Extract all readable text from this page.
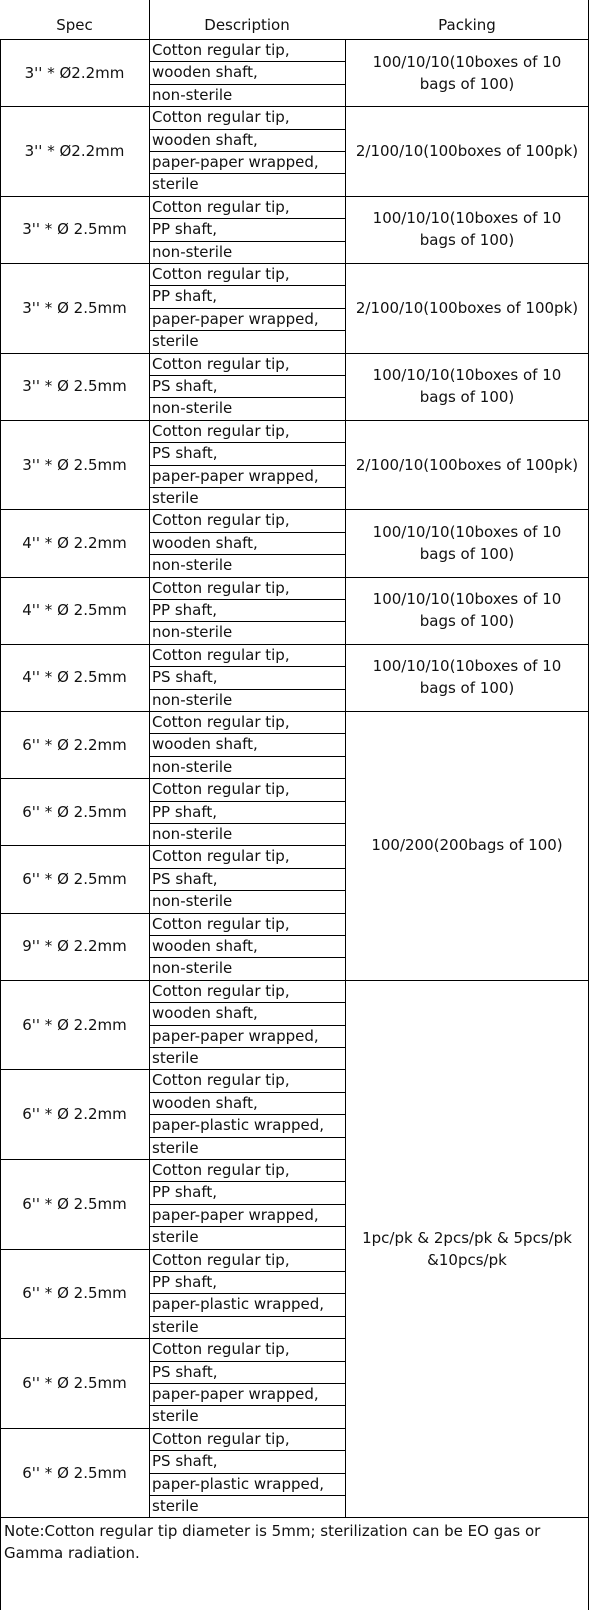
Spec	Description	Packing
3'' * Ø2.2mm
Cotton regular tip,
wooden shaft,
non-sterile
3'' * Ø2.2mm
Cotton regular tip,
wooden shaft,
paper-paper wrapped,
sterile
3'' * Ø 2.5mm
Cotton regular tip,
PP shaft,
non-sterile
3'' * Ø 2.5mm
Cotton regular tip,
PP shaft,
paper-paper wrapped,
sterile
3'' * Ø 2.5mm
Cotton regular tip,
PS shaft,
non-sterile
3'' * Ø 2.5mm
Cotton regular tip,
PS shaft,
paper-paper wrapped,
sterile
4'' * Ø 2.2mm
Cotton regular tip,
wooden shaft,
non-sterile
4'' * Ø 2.5mm
Cotton regular tip,
PP shaft,
non-sterile
4'' * Ø 2.5mm
Cotton regular tip,
PS shaft,
non-sterile
6'' * Ø 2.2mm
Cotton regular tip,
wooden shaft,
non-sterile
6'' * Ø 2.5mm
Cotton regular tip,
PP shaft,
non-sterile
6'' * Ø 2.5mm
Cotton regular tip,
PS shaft,
non-sterile
9'' * Ø 2.2mm
Cotton regular tip,
wooden shaft,
non-sterile
6'' * Ø 2.2mm
Cotton regular tip,
wooden shaft,
paper-paper wrapped,
sterile
6'' * Ø 2.2mm
Cotton regular tip,
wooden shaft,
paper-plastic wrapped,
sterile
6'' * Ø 2.5mm
Cotton regular tip,
PP shaft,
paper-paper wrapped,
sterile
6'' * Ø 2.5mm
Cotton regular tip,
PP shaft,
paper-plastic wrapped,
sterile
6'' * Ø 2.5mm
Cotton regular tip,
PS shaft,
paper-paper wrapped,
sterile
6'' * Ø 2.5mm
Cotton regular tip,
PS shaft,
paper-plastic wrapped,
sterile
100/10/10(10boxes of 10 bags of 100)
2/100/10(100boxes of 100pk)
100/10/10(10boxes of 10 bags of 100)
2/100/10(100boxes of 100pk)
100/10/10(10boxes of 10 bags of 100)
2/100/10(100boxes of 100pk)
100/10/10(10boxes of 10 bags of 100)
100/10/10(10boxes of 10 bags of 100)
100/10/10(10boxes of 10 bags of 100)
100/200(200bags of 100)
1pc/pk & 2pcs/pk & 5pcs/pk &10pcs/pk
Note:Cotton regular tip diameter is 5mm; sterilization can be EO gas or Gamma radiation.
